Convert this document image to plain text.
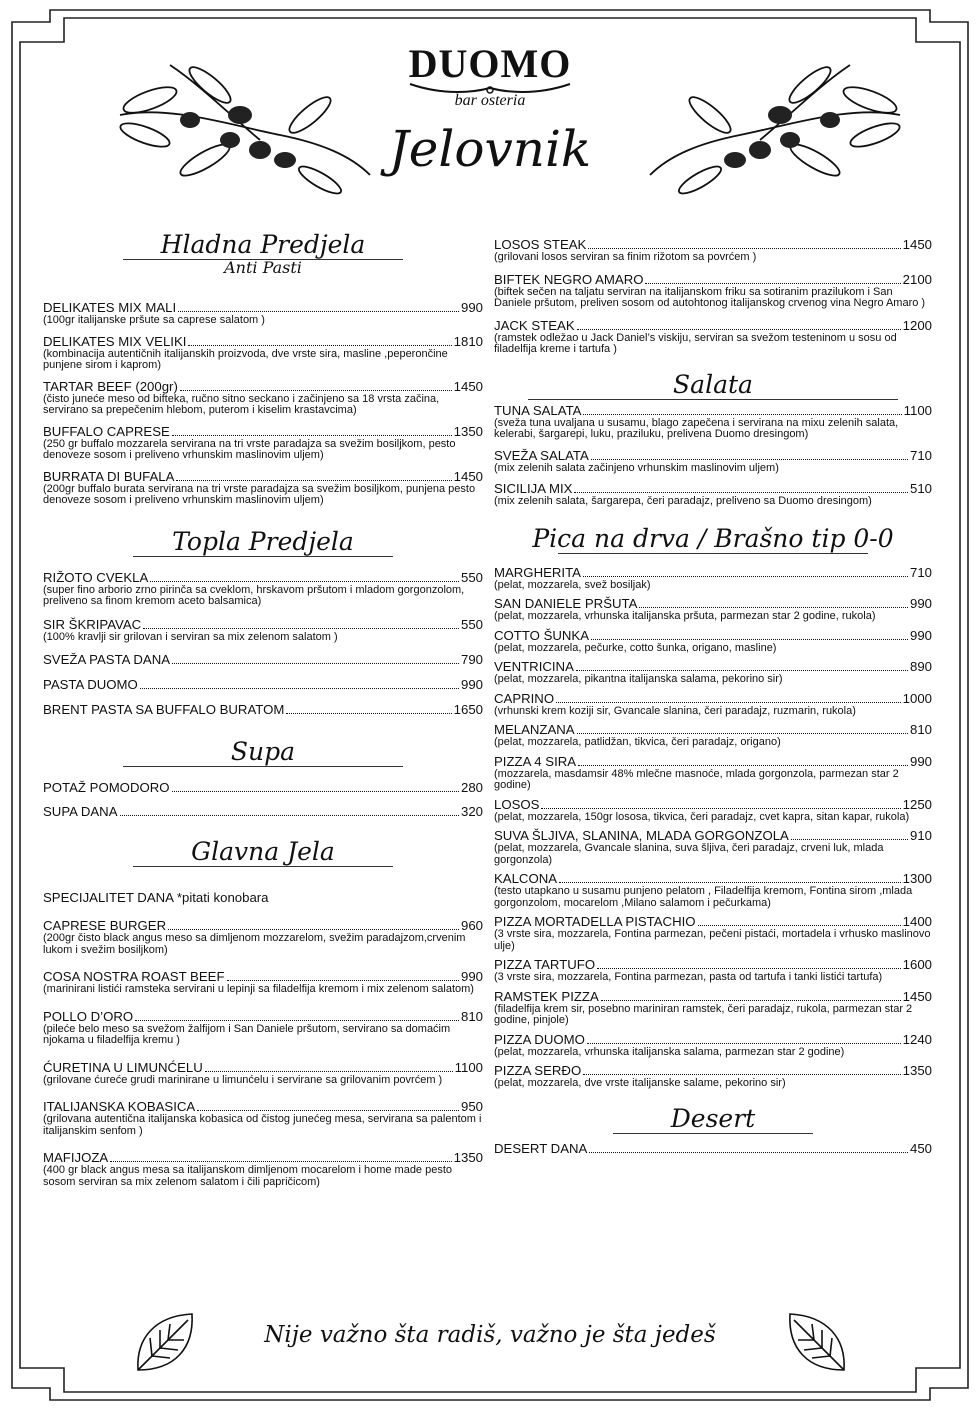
DUOMO
bar osteria
Jelovnik
Hladna Predjela
Anti Pasti
DELIKATES MIX MALI	990
(100gr italijanske pršute sa caprese salatom )
DELIKATES MIX VELIKI	1810
(kombinacija autentičnih italijanskih proizvoda, dve vrste sira, masline ,peperončine punjene sirom i kaprom)
TARTAR BEEF (200gr)	1450
(čisto juneće meso od bifteka, ručno sitno seckano i začinjeno sa 18 vrsta začina, servirano sa prepečenim hlebom, puterom i kiselim krastavcima)
BUFFALO CAPRESE	1350
(250 gr buffalo mozzarela servirana na tri vrste paradajza sa svežim bosiljkom, pesto denoveze sosom i preliveno vrhunskim maslinovim uljem)
BURRATA DI BUFALA	1450
(200gr buffalo burata servirana na tri vrste paradajza sa svežim bosiljkom, punjena pesto denoveze sosom i preliveno vrhunskim maslinovim uljem)
Topla Predjela
RIŽOTO CVEKLA	550
(super fino arborio zrno pirinča sa cveklom, hrskavom pršutom i mladom gorgonzolom, preliveno sa finom kremom aceto balsamica)
SIR ŠKRIPAVAC	550
(100% kravlji sir grilovan i serviran sa mix zelenom salatom )
SVEŽA PASTA DANA	790
PASTA DUOMO	990
BRENT PASTA SA BUFFALO BURATOM	1650
Supa
POTAŽ POMODORO	280
SUPA DANA	320
Glavna Jela
SPECIJALITET DANA *pitati konobara
CAPRESE BURGER	960
(200gr čisto black angus meso sa dimljenom mozzarelom, svežim paradajzom,crvenim lukom i svežim bosiljkom)
COSA NOSTRA ROAST BEEF	990
(marinirani listići ramsteka servirani u lepinji sa filadelfija kremom i mix zelenom salatom)
POLLO D’ORO	810
(pileće belo meso sa svežom žalfijom i San Daniele pršutom, servirano sa domaćim njokama u filadelfija kremu )
ĆURETINA U LIMUNĆELU	1100
(grilovane ćureće grudi marinirane u limunćelu i servirane sa grilovanim povrćem )
ITALIJANSKA KOBASICA	950
(grilovana autentična italijanska kobasica od čistog junećeg mesa, servirana sa palentom i italijanskim senfom )
MAFIJOZA	1350
(400 gr black angus mesa sa italijanskom dimljenom mocarelom i home made pesto sosom serviran sa mix zelenom salatom i čili papričicom)
LOSOS STEAK	1450
(grilovani losos serviran sa finim rižotom sa povrćem )
BIFTEK NEGRO AMARO	2100
(biftek sečen na taljatu serviran na italijanskom friku sa sotiranim prazilukom i San Daniele pršutom, preliven sosom od autohtonog italijanskog crvenog vina Negro Amaro )
JACK STEAK	1200
(ramstek odležao u Jack Daniel’s viskiju, serviran sa svežom testeninom u sosu od filadelfija kreme i tartufa )
Salata
TUNA SALATA	1100
(sveža tuna uvaljana u susamu, blago zapečena i servirana na mixu zelenih salata, kelerabi, šargarepi, luku, praziluku, prelivena Duomo dresingom)
SVEŽA SALATA	710
(mix zelenih salata začinjeno vrhunskim maslinovim uljem)
SICILIJA MIX	510
(mix zelenih salata, šargarepa, čeri paradajz, preliveno sa Duomo dresingom)
Pica na drva / Brašno tip 0-0
MARGHERITA	710
(pelat, mozzarela, svež bosiljak)
SAN DANIELE PRŠUTA	990
(pelat, mozzarela, vrhunska italijanska pršuta, parmezan star 2 godine, rukola)
COTTO ŠUNKA	990
(pelat, mozzarela, pečurke, cotto šunka, origano, masline)
VENTRICINA	890
(pelat, mozzarela, pikantna italijanska salama, pekorino sir)
CAPRINO	1000
(vrhunski krem koziji sir, Gvancale slanina, čeri paradajz, ruzmarin, rukola)
MELANZANA	810
(pelat, mozzarela, patlidžan, tikvica, čeri paradajz, origano)
PIZZA 4 SIRA	990
(mozzarela, masdamsir 48% mlečne masnoće, mlada gorgonzola, parmezan star 2 godine)
LOSOS	1250
(pelat, mozzarela, 150gr lososa, tikvica, čeri paradajz, cvet kapra, sitan kapar, rukola)
SUVA ŠLJIVA, SLANINA, MLADA GORGONZOLA	910
(pelat, mozzarela, Gvancale slanina, suva šljiva, čeri paradajz, crveni luk, mlada gorgonzola)
KALCONA	1300
(testo utapkano u susamu punjeno pelatom , Filadelfija kremom, Fontina sirom ,mlada gorgonzolom, mocarelom ,Milano salamom i pečurkama)
PIZZA MORTADELLA PISTACHIO	1400
(3 vrste sira, mozzarela, Fontina parmezan, pečeni pistaći, mortadela i vrhusko maslinovo ulje)
PIZZA TARTUFO	1600
(3 vrste sira, mozzarela, Fontina parmezan, pasta od tartufa i tanki listići tartufa)
RAMSTEK PIZZA	1450
(filadelfija krem sir, posebno mariniran ramstek, čeri paradajz, rukola, parmezan star 2 godine, pinjole)
PIZZA DUOMO	1240
(pelat, mozzarela, vrhunska italijanska salama, parmezan star 2 godine)
PIZZA SERĐO	1350
(pelat, mozzarela, dve vrste italijanske salame, pekorino sir)
Desert
DESERT DANA	450
Nije važno šta radiš, važno je šta jedeš
